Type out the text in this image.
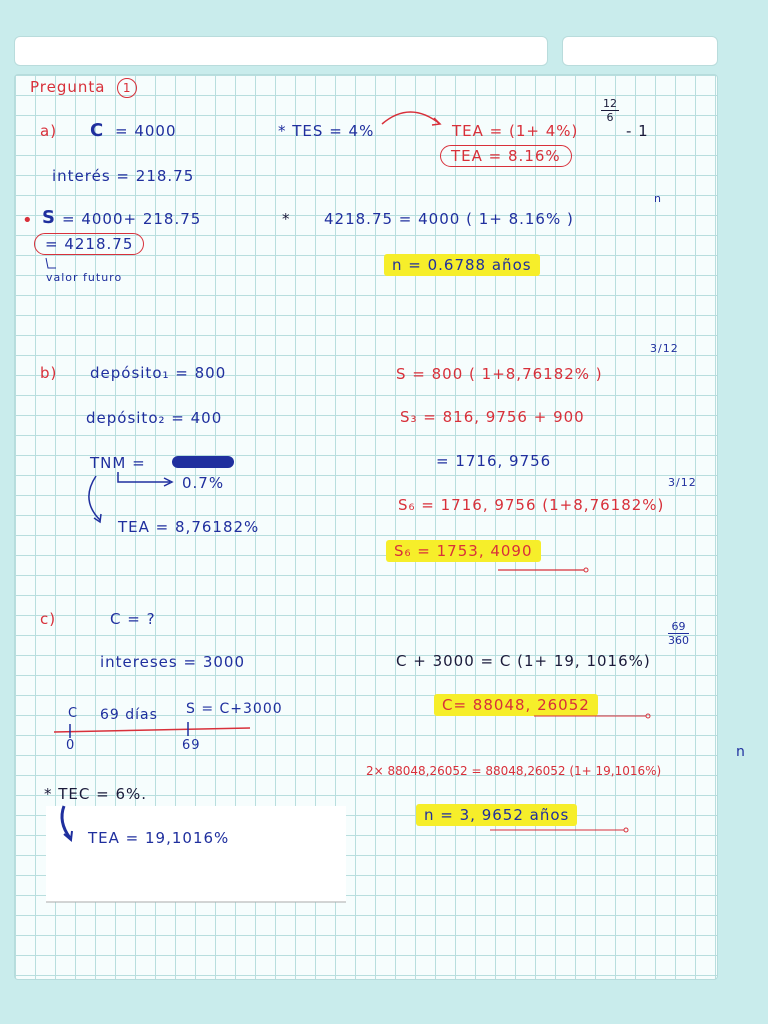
Pregunta 1
a) C = 4000
interés = 218.75
* TES = 4%	TEA = (1+ 4%)
$\frac{12}{6}$
- 1
TEA = 8.16%
• S = 4000+ 218.75
= 4218.75
valor futuro
* 4218.75 = 4000 ( 1+ 8.16% )
n
n = 0.6788 años
b) depósito₁ = 800
depósito₂ = 400
TNM =
0.7%
TEA = 8,76182%
S = 800 ( 1+8,76182% )
3/12
S₃ = 816, 9756 + 900
= 1716, 9756
S₆ = 1716, 9756 (1+8,76182%)
3/12
S₆ = 1753, 4090
c)	C = ?
intereses = 3000
C 69 días S = C+3000
0	69
* TEC = 6%.
TEA = 19,1016%
C + 3000 = C (1+ 19, 1016%)
$\frac{69}{360}$
C= 88048, 26052
2× 88048,26052 = 88048,26052 (1+ 19,1016%)
n
n = 3, 9652 años
